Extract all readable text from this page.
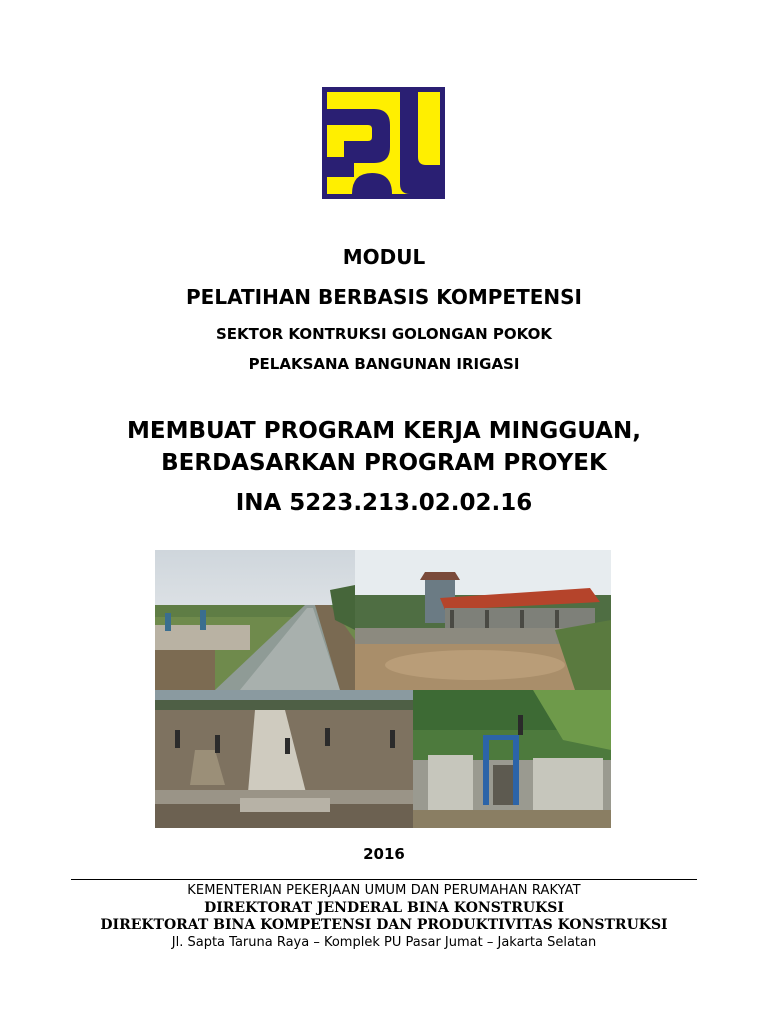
MODUL
PELATIHAN BERBASIS KOMPETENSI
SEKTOR KONTRUKSI GOLONGAN POKOK
PELAKSANA BANGUNAN IRIGASI
MEMBUAT PROGRAM KERJA MINGGUAN,
BERDASARKAN PROGRAM PROYEK
INA 5223.213.02.02.16
2016
KEMENTERIAN PEKERJAAN UMUM DAN PERUMAHAN RAKYAT
DIREKTORAT JENDERAL BINA KONSTRUKSI
DIREKTORAT BINA KOMPETENSI DAN PRODUKTIVITAS KONSTRUKSI
Jl. Sapta Taruna Raya – Komplek PU Pasar Jumat – Jakarta Selatan
